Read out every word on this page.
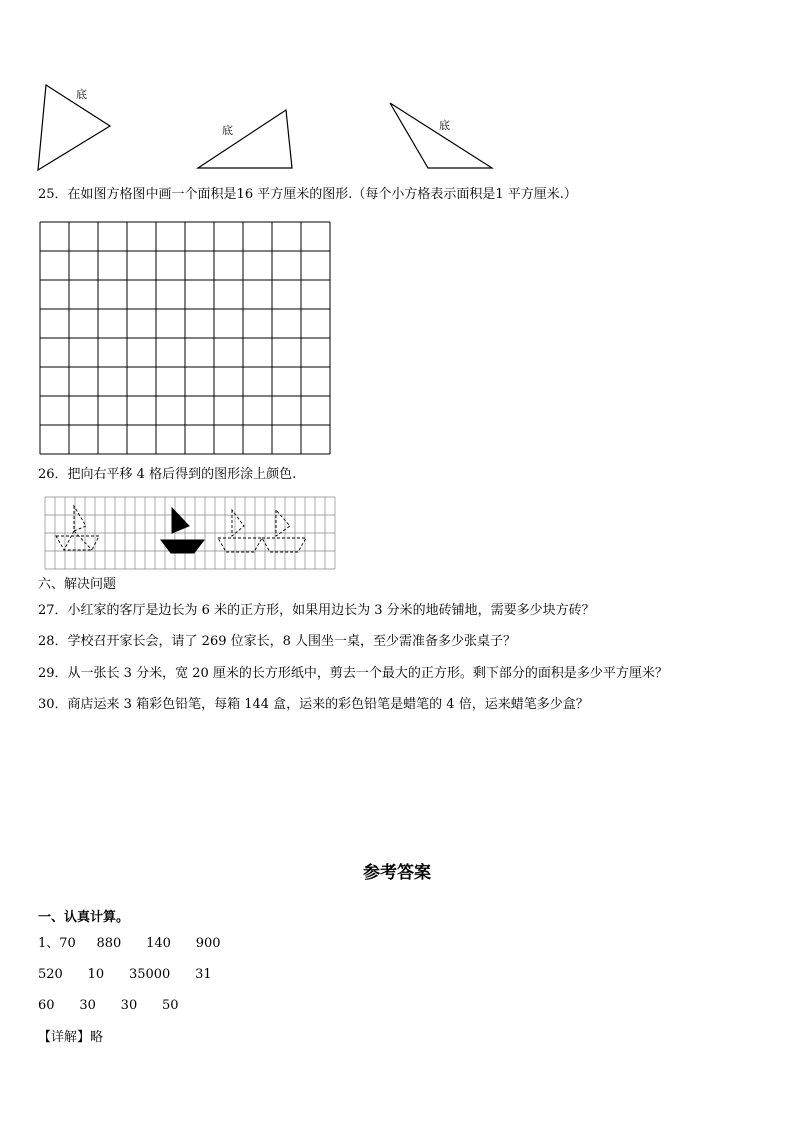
底
底	底
25．在如图方格图中画一个面积是16 平方厘米的图形.（每个小方格表示面积是1 平方厘米.）
26．把向右平移 4 格后得到的图形涂上颜色.
六、解决问题
27．小红家的客厅是边长为 6 米的正方形，如果用边长为 3 分米的地砖铺地，需要多少块方砖？
28．学校召开家长会，请了 269 位家长，8 人围坐一桌，至少需准备多少张桌子？
29．从一张长 3 分米，宽 20 厘米的长方形纸中，剪去一个最大的正方形。剩下部分的面积是多少平方厘米？
30．商店运来 3 箱彩色铅笔，每箱 144 盒，运来的彩色铅笔是蜡笔的 4 倍，运来蜡笔多少盒？
参考答案
一、认真计算。
1、70     880      140      900
520      10      35000      31
60      30      30      50
【详解】略
